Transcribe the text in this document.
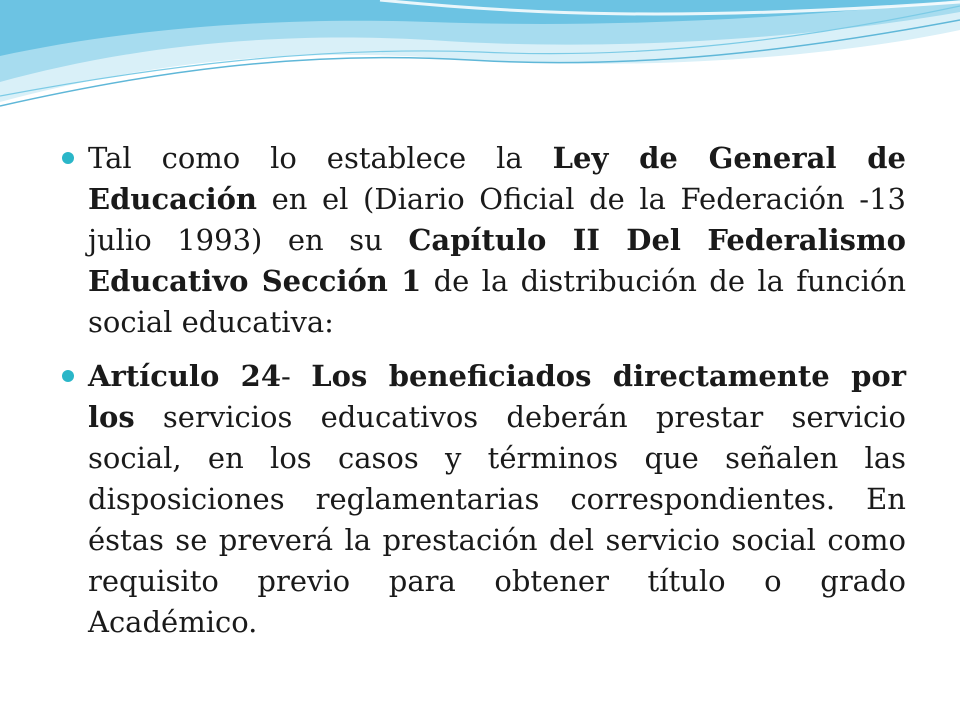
Tal como lo establece la Ley de General de Educación en el (Diario Oficial de la Federación -13 julio 1993) en su Capítulo II Del Federalismo Educativo Sección 1 de la distribución de la función social educativa:

Artículo 24- Los beneficiados directamente por los servicios educativos deberán prestar servicio social, en los casos y términos que señalen las disposiciones reglamentarias correspondientes. En éstas se preverá la prestación del servicio social como requisito previo para obtener título o grado Académico.
